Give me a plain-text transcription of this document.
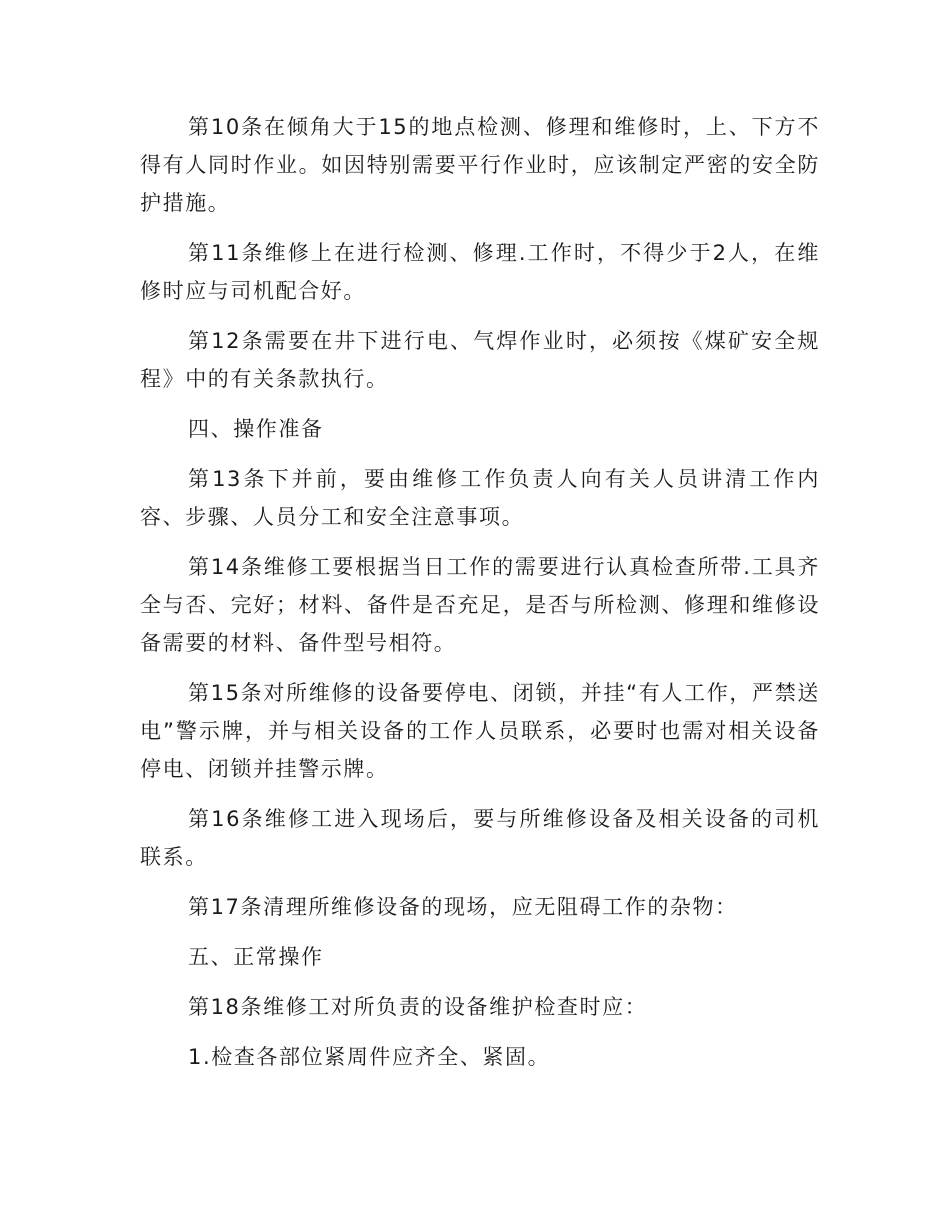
第10条在倾角大于15的地点检测、修理和维修时，上、下方不得有人同时作业。如因特别需要平行作业时，应该制定严密的安全防护措施。

第11条维修上在进行检测、修理.工作时，不得少于2人，在维修时应与司机配合好。

第12条需要在井下进行电、气焊作业时，必须按《煤矿安全规程》中的有关条款执行。

四、操作准备

第13条下并前，要由维修工作负责人向有关人员讲清工作内容、步骤、人员分工和安全注意事项。

第14条维修工要根据当日工作的需要进行认真检查所带.工具齐全与否、完好；材料、备件是否充足，是否与所检测、修理和维修设备需要的材料、备件型号相符。

第15条对所维修的设备要停电、闭锁，并挂“有人工作，严禁送电”警示牌，并与相关设备的工作人员联系，必要时也需对相关设备停电、闭锁并挂警示牌。

第16条维修工进入现场后，要与所维修设备及相关设备的司机联系。

第17条清理所维修设备的现场，应无阻碍工作的杂物：

五、正常操作

第18条维修工对所负责的设备维护检查时应：

1.检查各部位紧周件应齐全、紧固。
